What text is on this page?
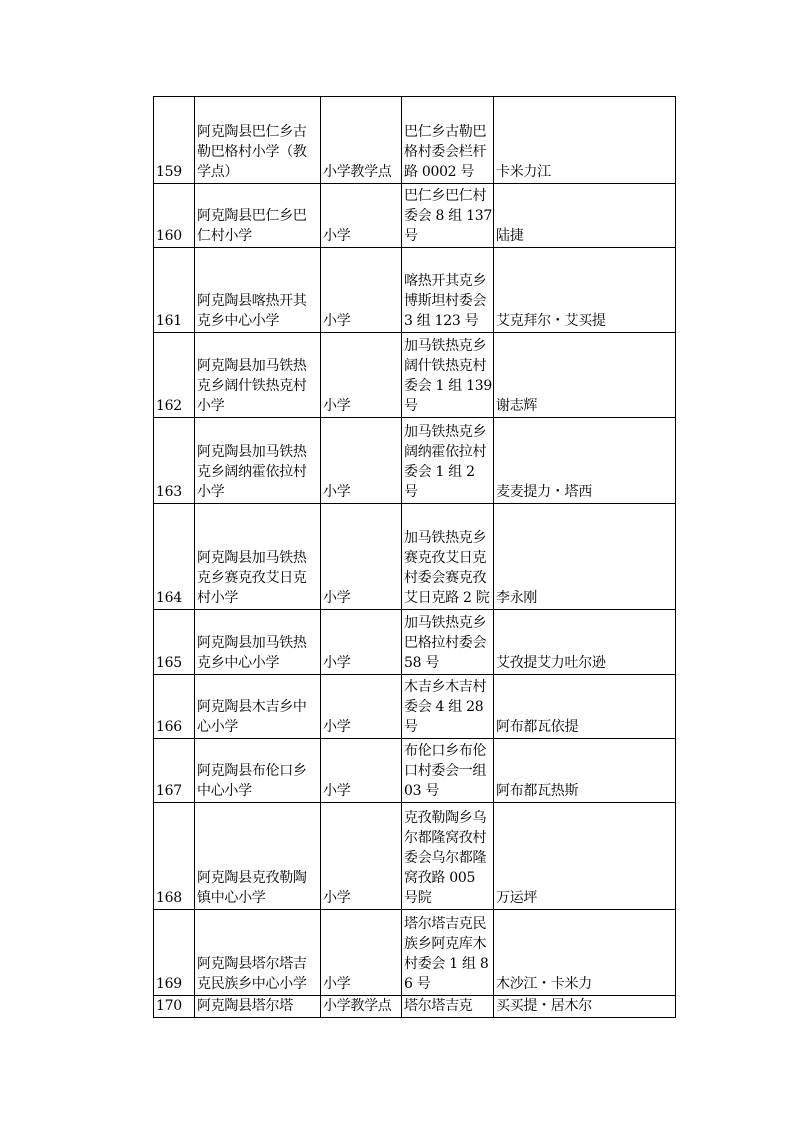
159	阿克陶县巴仁乡古勒巴格村小学（教学点）	小学教学点	巴仁乡古勒巴格村委会栏杆路 0002 号	卡米力江
160	阿克陶县巴仁乡巴仁村小学	小学	巴仁乡巴仁村委会 8 组 137 号	陆捷
161	阿克陶县喀热开其克乡中心小学	小学	喀热开其克乡博斯坦村委会 3 组 123 号	艾克拜尔・艾买提
162	阿克陶县加马铁热克乡阔什铁热克村小学	小学	加马铁热克乡阔什铁热克村委会 1 组 139 号	谢志辉
163	阿克陶县加马铁热克乡阔纳霍依拉村小学	小学	加马铁热克乡阔纳霍依拉村委会 1 组 2 号	麦麦提力・塔西
164	阿克陶县加马铁热克乡赛克孜艾日克村小学	小学	加马铁热克乡赛克孜艾日克村委会赛克孜艾日克路 2 院	李永刚
165	阿克陶县加马铁热克乡中心小学	小学	加马铁热克乡巴格拉村委会 58 号	艾孜提艾力吐尔逊
166	阿克陶县木吉乡中心小学	小学	木吉乡木吉村委会 4 组 28 号	阿布都瓦依提
167	阿克陶县布伦口乡中心小学	小学	布伦口乡布伦口村委会一组 03 号	阿布都瓦热斯
168	阿克陶县克孜勒陶镇中心小学	小学	克孜勒陶乡乌尔都隆窝孜村委会乌尔都隆窝孜路 005 号院	万运坪
169	阿克陶县塔尔塔吉克民族乡中心小学	小学	塔尔塔吉克民族乡阿克库木村委会 1 组 86 号	木沙江・卡米力
170	阿克陶县塔尔塔	小学教学点	塔尔塔吉克	买买提・居木尔
